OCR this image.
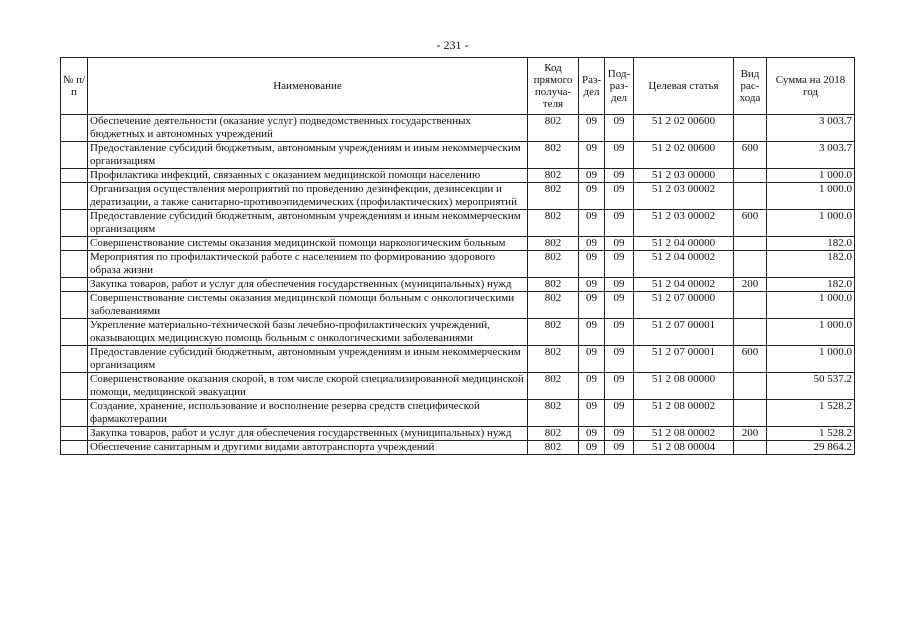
- 231 -
№ п/п	Наименование	Код прямого получа-теля	Раз-дел	Под-раз-дел	Целевая статья	Вид рас-хода	Сумма на 2018 год
	Обеспечение деятельности (оказание услуг) подведомственных государственных бюджетных и автономных учреждений	802	09	09	51 2 02 00600		3 003.7
	Предоставление субсидий бюджетным, автономным учреждениям и иным некоммерческим организациям	802	09	09	51 2 02 00600	600	3 003.7
	Профилактика инфекций, связанных с оказанием медицинской помощи населению	802	09	09	51 2 03 00000		1 000.0
	Организация осуществления мероприятий по проведению дезинфекции, дезинсекции и дератизации, а также санитарно-противоэпидемических (профилактических) мероприятий	802	09	09	51 2 03 00002		1 000.0
	Предоставление субсидий бюджетным, автономным учреждениям и иным некоммерческим организациям	802	09	09	51 2 03 00002	600	1 000.0
	Совершенствование системы оказания медицинской помощи наркологическим больным	802	09	09	51 2 04 00000		182.0
	Мероприятия по профилактической работе с населением по формированию здорового образа жизни	802	09	09	51 2 04 00002		182.0
	Закупка товаров, работ и услуг для обеспечения государственных (муниципальных) нужд	802	09	09	51 2 04 00002	200	182.0
	Совершенствование системы оказания медицинской помощи больным с онкологическими заболеваниями	802	09	09	51 2 07 00000		1 000.0
	Укрепление материально-технической базы лечебно-профилактических учреждений, оказывающих медицинскую помощь больным с онкологическими заболеваниями	802	09	09	51 2 07 00001		1 000.0
	Предоставление субсидий бюджетным, автономным учреждениям и иным некоммерческим организациям	802	09	09	51 2 07 00001	600	1 000.0
	Совершенствование оказания скорой, в том числе скорой специализированной медицинской помощи, медицинской эвакуации	802	09	09	51 2 08 00000		50 537.2
	Создание, хранение, использование и восполнение резерва средств специфической фармакотерапии	802	09	09	51 2 08 00002		1 528.2
	Закупка товаров, работ и услуг для обеспечения государственных (муниципальных) нужд	802	09	09	51 2 08 00002	200	1 528.2
	Обеспечение санитарным и другими видами автотранспорта учреждений	802	09	09	51 2 08 00004		29 864.2
